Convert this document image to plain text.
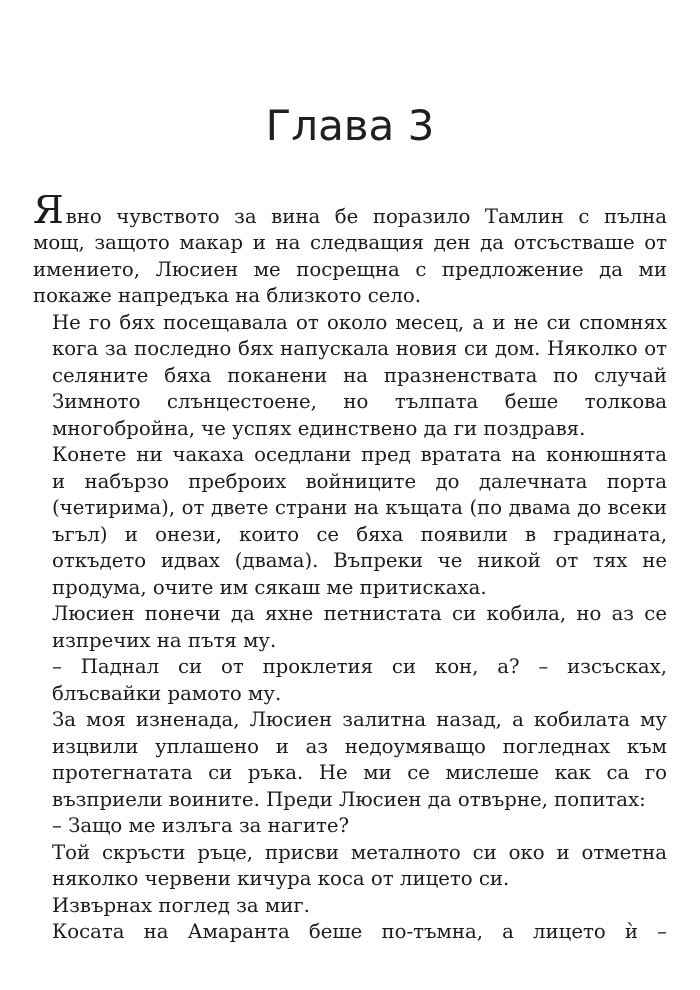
Глава 3

Явно чувството за вина бе поразило Тамлин с пълна
мощ, защото макар и на следващия ден да отсъстваше от
имението, Люсиен ме посрещна с предложение да ми
покаже напредъка на близкото село.

Не го бях посещавала от около месец, а и не си спомнях
кога за последно бях напускала новия си дом. Няколко от
селяните бяха поканени на празненствата по случай
Зимното слънцестоене, но тълпата беше толкова
многобройна, че успях единствено да ги поздравя.

Конете ни чакаха оседлани пред вратата на конюшнята
и набързо преброих войниците до далечната порта
(четирима), от двете страни на къщата (по двама до всеки
ъгъл) и онези, които се бяха появили в градината,
откъдето идвах (двама). Въпреки че никой от тях не
продума, очите им сякаш ме притискаха.

Люсиен понечи да яхне петнистата си кобила, но аз се
изпречих на пътя му.

– Паднал си от проклетия си кон, а? – изсъсках,
блъсвайки рамото му.

За моя изненада, Люсиен залитна назад, а кобилата му
изцвили уплашено и аз недоумяващо погледнах към
протегнатата си ръка. Не ми се мислеше как са го
възприели воините. Преди Люсиен да отвърне, попитах:

– Защо ме излъга за нагите?

Той скръсти ръце, присви металното си око и отметна
няколко червени кичура коса от лицето си.

Извърнах поглед за миг.

Косата на Амаранта беше по-тъмна, а лицето ѝ –
